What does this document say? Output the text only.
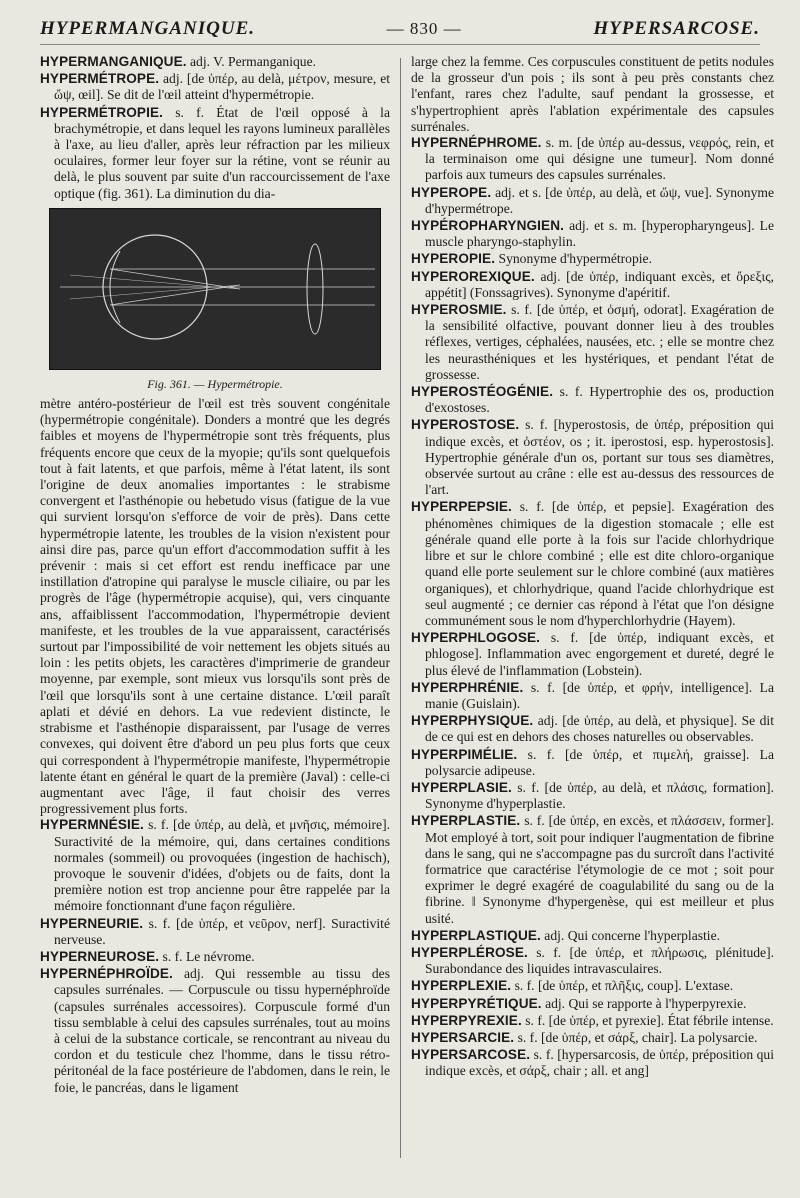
HYPERMANGANIQUE.	— 830 —	HYPERSARCOSE.

HYPERMANGANIQUE. adj. V. Permanganique.

HYPERMÉTROPE. adj. [de ὑπέρ, au delà, μέτρον, mesure, et ὤψ, œil]. Se dit de l'œil atteint d'hypermétropie.

HYPERMÉTROPIE. s. f. État de l'œil opposé à la brachymétropie, et dans lequel les rayons lumineux parallèles à l'axe, au lieu d'aller, après leur réfraction par les milieux oculaires, former leur foyer sur la rétine, vont se réunir au delà, le plus souvent par suite d'un raccourcissement de l'axe optique (fig. 361). La diminution du dia-

Fig. 361. — Hypermétropie.

mètre antéro-postérieur de l'œil est très souvent congénitale (hypermétropie congénitale). Donders a montré que les degrés faibles et moyens de l'hypermétropie sont très fréquents, plus fréquents encore que ceux de la myopie; qu'ils sont quelquefois tout à fait latents, et que parfois, même à l'état latent, ils sont l'origine de deux anomalies importantes : le strabisme convergent et l'asthénopie ou hebetudo visus (fatigue de la vue qui survient lorsqu'on s'efforce de voir de près). Dans cette hypermétropie latente, les troubles de la vision n'existent pour ainsi dire pas, parce qu'un effort d'accommodation suffit à les prévenir : mais si cet effort est rendu inefficace par une instillation d'atropine qui paralyse le muscle ciliaire, ou par les progrès de l'âge (hypermétropie acquise), qui, vers cinquante ans, affaiblissent l'accommodation, l'hypermétropie devient manifeste, et les troubles de la vue apparaissent, caractérisés surtout par l'impossibilité de voir nettement les objets situés au loin : les petits objets, les caractères d'imprimerie de grandeur moyenne, par exemple, sont mieux vus lorsqu'ils sont près de l'œil que lorsqu'ils sont à une certaine distance. L'œil paraît aplati et dévié en dehors. La vue redevient distincte, le strabisme et l'asthénopie disparaissent, par l'usage de verres convexes, qui doivent être d'abord un peu plus forts que ceux qui correspondent à l'hypermétropie manifeste, l'hypermétropie latente étant en général le quart de la première (Javal) : celle-ci augmentant avec l'âge, il faut choisir des verres progressivement plus forts.

HYPERMNÉSIE. s. f. [de ὑπέρ, au delà, et μνῆσις, mémoire]. Suractivité de la mémoire, qui, dans certaines conditions normales (sommeil) ou provoquées (ingestion de hachisch), provoque le souvenir d'idées, d'objets ou de faits, dont la première notion est trop ancienne pour être rappelée par la mémoire fonctionnant d'une façon régulière.

HYPERNEURIE. s. f. [de ὑπέρ, et νεῦρον, nerf]. Suractivité nerveuse.

HYPERNEUROSE. s. f. Le névrome.

HYPERNÉPHROÏDE. adj. Qui ressemble au tissu des capsules surrénales. — Corpuscule ou tissu hypernéphroïde (capsules surrénales accessoires). Corpuscule formé d'un tissu semblable à celui des capsules surrénales, tout au moins à celui de la substance corticale, se rencontrant au niveau du cordon et du testicule chez l'homme, dans le tissu rétro-péritonéal de la face postérieure de l'abdomen, dans le rein, le foie, le pancréas, dans le ligament

large chez la femme. Ces corpuscules constituent de petits nodules de la grosseur d'un pois ; ils sont à peu près constants chez l'enfant, rares chez l'adulte, sauf pendant la grossesse, et s'hypertrophient après l'ablation expérimentale des capsules surrénales.

HYPERNÉPHROME. s. m. [de ὑπέρ au-dessus, νεφρός, rein, et la terminaison ome qui désigne une tumeur]. Nom donné parfois aux tumeurs des capsules surrénales.

HYPEROPE. adj. et s. [de ὑπέρ, au delà, et ὤψ, vue]. Synonyme d'hypermétrope.

HYPÉROPHARYNGIEN. adj. et s. m. [hyperopharyngeus]. Le muscle pharyngo-staphylin.

HYPEROPIE. Synonyme d'hypermétropie.

HYPEROREXIQUE. adj. [de ὑπέρ, indiquant excès, et ὄρεξις, appétit] (Fonssagrives). Synonyme d'apéritif.

HYPEROSMIE. s. f. [de ὑπέρ, et ὀσμή, odorat]. Exagération de la sensibilité olfactive, pouvant donner lieu à des troubles réflexes, vertiges, céphalées, nausées, etc. ; elle se montre chez les neurasthéniques et les hystériques, et pendant l'état de grossesse.

HYPEROSTÉOGÉNIE. s. f. Hypertrophie des os, production d'exostoses.

HYPEROSTOSE. s. f. [hyperostosis, de ὑπέρ, préposition qui indique excès, et ὀστέον, os ; it. iperostosi, esp. hyperostosis]. Hypertrophie générale d'un os, portant sur tous ses diamètres, observée surtout au crâne : elle est au-dessus des ressources de l'art.

HYPERPEPSIE. s. f. [de ὑπέρ, et pepsie]. Exagération des phénomènes chimiques de la digestion stomacale ; elle est générale quand elle porte à la fois sur l'acide chlorhydrique libre et sur le chlore combiné ; elle est dite chloro-organique quand elle porte seulement sur le chlore combiné (aux matières organiques), et chlorhydrique, quand l'acide chlorhydrique est seul augmenté ; ce dernier cas répond à l'état que l'on désigne communément sous le nom d'hyperchlorhydrie (Hayem).

HYPERPHLOGOSE. s. f. [de ὑπέρ, indiquant excès, et phlogose]. Inflammation avec engorgement et dureté, degré le plus élevé de l'inflammation (Lobstein).

HYPERPHRÉNIE. s. f. [de ὑπέρ, et φρήν, intelligence]. La manie (Guislain).

HYPERPHYSIQUE. adj. [de ὑπέρ, au delà, et physique]. Se dit de ce qui est en dehors des choses naturelles ou observables.

HYPERPIMÉLIE. s. f. [de ὑπέρ, et πιμελή, graisse]. La polysarcie adipeuse.

HYPERPLASIE. s. f. [de ὑπέρ, au delà, et πλάσις, formation]. Synonyme d'hyperplastie.

HYPERPLASTIE. s. f. [de ὑπέρ, en excès, et πλάσσειν, former]. Mot employé à tort, soit pour indiquer l'augmentation de fibrine dans le sang, qui ne s'accompagne pas du surcroît dans l'activité formatrice que caractérise l'étymologie de ce mot ; soit pour exprimer le degré exagéré de coagulabilité du sang ou de la fibrine. ‖ Synonyme d'hypergenèse, qui est meilleur et plus usité.

HYPERPLASTIQUE. adj. Qui concerne l'hyperplastie.

HYPERPLÉROSE. s. f. [de ὑπέρ, et πλήρωσις, plénitude]. Surabondance des liquides intravasculaires.

HYPERPLEXIE. s. f. [de ὑπέρ, et πλῆξις, coup]. L'extase.

HYPERPYRÉTIQUE. adj. Qui se rapporte à l'hyperpyrexie.

HYPERPYREXIE. s. f. [de ὑπέρ, et pyrexie]. État fébrile intense.

HYPERSARCIE. s. f. [de ὑπέρ, et σάρξ, chair]. La polysarcie.

HYPERSARCOSE. s. f. [hypersarcosis, de ὑπέρ, préposition qui indique excès, et σάρξ, chair ; all. et ang]
